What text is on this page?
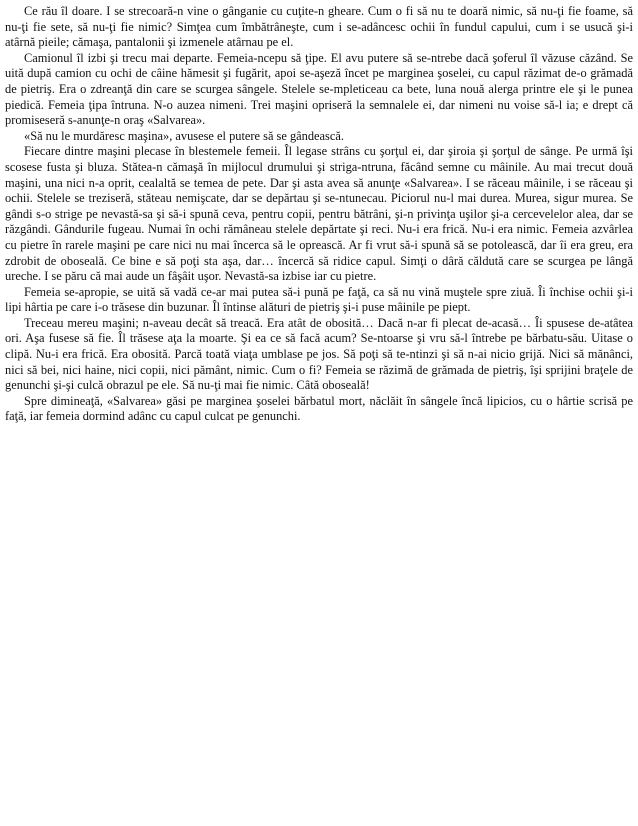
Ce rău îl doare. I se strecoară-n vine o gânganie cu cuţite-n gheare. Cum o fi să nu te doară nimic, să nu-ţi fie foame, să nu-ţi fie sete, să nu-ţi fie nimic? Simţea cum îmbătrâneşte, cum i se-adâncesc ochii în fundul capului, cum i se usucă şi-i atârnă pieile; cămaşa, pantalonii şi izmenele atârnau pe el.

Camionul îl izbi şi trecu mai departe. Femeia-ncepu să ţipe. El avu putere să se-ntrebe dacă şoferul îl văzuse căzând. Se uită după camion cu ochi de câine hămesit şi fugărit, apoi se-aşeză încet pe marginea şoselei, cu capul răzimat de-o grămadă de pietriş. Era o zdreanţă din care se scurgea sângele. Stelele se-mpleticeau ca bete, luna nouă alerga printre ele şi le punea piedică. Femeia ţipa întruna. N-o auzea nimeni. Trei maşini opriseră la semnalele ei, dar nimeni nu voise să-l ia; e drept că promiseseră s-anunţe-n oraş «Salvarea».

«Să nu le murdăresc maşina», avusese el putere să se gândească.

Fiecare dintre maşini plecase în blestemele femeii. Îl legase strâns cu şorţul ei, dar şiroia şi şorţul de sânge. Pe urmă îşi scosese fusta şi bluza. Stătea-n cămaşă în mijlocul drumului şi striga-ntruna, făcând semne cu mâinile. Au mai trecut două maşini, una nici n-a oprit, cealaltă se temea de pete. Dar şi asta avea să anunţe «Salvarea». I se răceau mâinile, i se răceau şi ochii. Stelele se treziseră, stăteau nemişcate, dar se depărtau şi se-ntunecau. Piciorul nu-l mai durea. Murea, sigur murea. Se gândi s-o strige pe nevastă-sa şi să-i spună ceva, pentru copii, pentru bătrâni, şi-n privinţa uşilor şi-a cercevelelor alea, dar se răzgândi. Gândurile fugeau. Numai în ochi rămâneau stelele depărtate şi reci. Nu-i era frică. Nu-i era nimic. Femeia azvârlea cu pietre în rarele maşini pe care nici nu mai încerca să le oprească. Ar fi vrut să-i spună să se potolească, dar îi era greu, era zdrobit de oboseală. Ce bine e să poţi sta aşa, dar… încercă să ridice capul. Simţi o dâră căldută care se scurgea pe lângă ureche. I se păru că mai aude un fâşâit uşor. Nevastă-sa izbise iar cu pietre.

Femeia se-apropie, se uită să vadă ce-ar mai putea să-i pună pe faţă, ca să nu vină muştele spre ziuă. Îi închise ochii şi-i lipi hârtia pe care i-o trăsese din buzunar. Îl întinse alături de pietriş şi-i puse mâinile pe piept.

Treceau mereu maşini; n-aveau decât să treacă. Era atât de obosită… Dacă n-ar fi plecat de-acasă… Îi spusese de-atâtea ori. Aşa fusese să fie. Îl trăsese aţa la moarte. Şi ea ce să facă acum? Se-ntoarse şi vru să-l întrebe pe bărbatu-său. Uitase o clipă. Nu-i era frică. Era obosită. Parcă toată viaţa umblase pe jos. Să poţi să te-ntinzi şi să n-ai nicio grijă. Nici să mănânci, nici să bei, nici haine, nici copii, nici pământ, nimic. Cum o fi? Femeia se răzimă de grămada de pietriş, îşi sprijini braţele de genunchi şi-şi culcă obrazul pe ele. Să nu-ţi mai fie nimic. Câtă oboseală!

Spre dimineaţă, «Salvarea» găsi pe marginea şoselei bărbatul mort, năclăit în sângele încă lipicios, cu o hârtie scrisă pe faţă, iar femeia dormind adânc cu capul culcat pe genunchi.
